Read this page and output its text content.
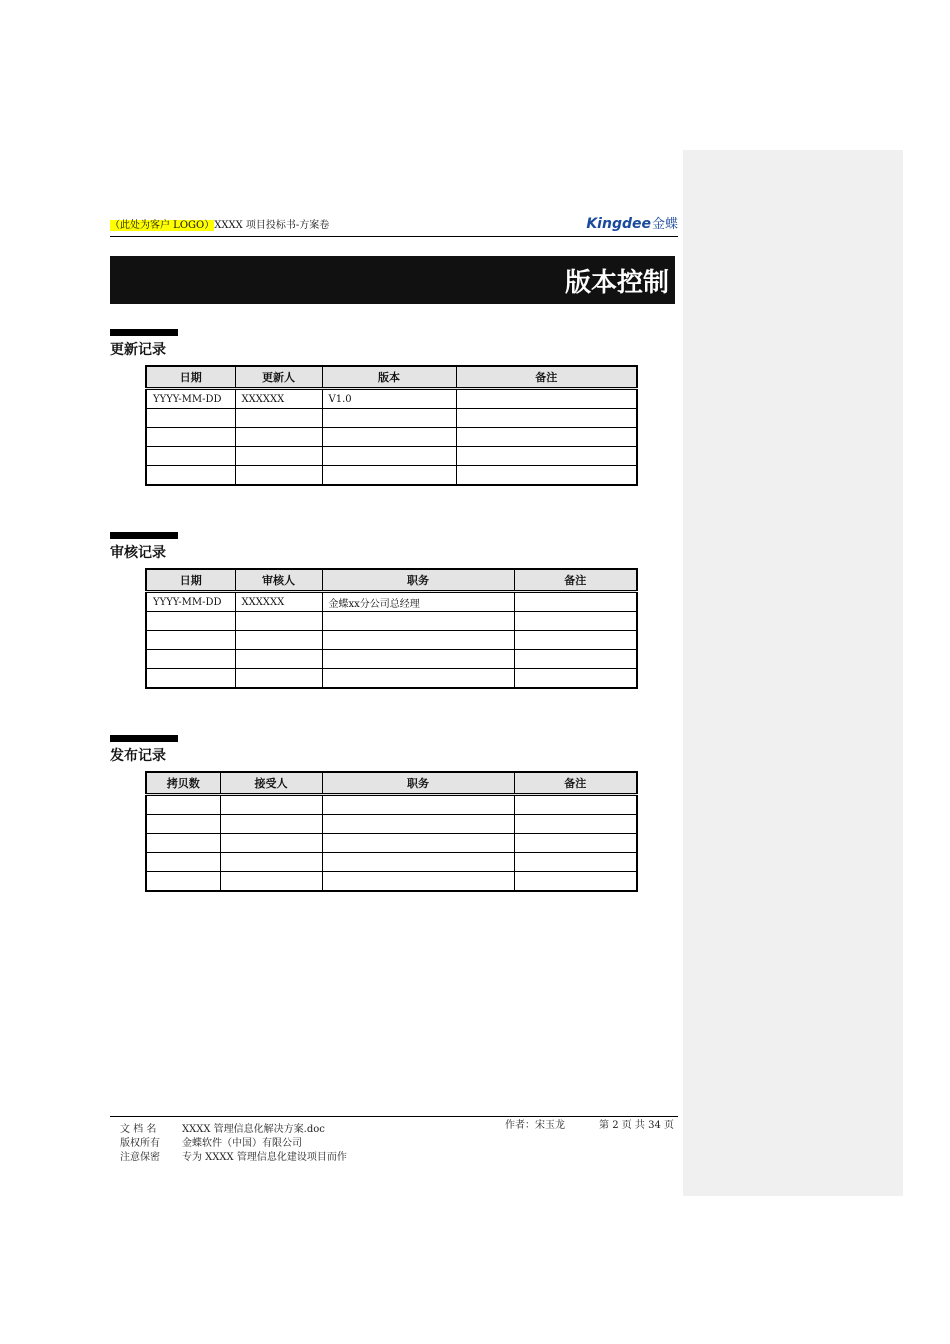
（此处为客户 LOGO）XXXX 项目投标书-方案卷	Kingdee金蝶
版本控制
更新记录
日期	更新人	版本	备注
YYYY-MM-DD	XXXXXX	V1.0	

审核记录
日期	审核人	职务	备注
YYYY-MM-DD	XXXXXX	金蝶xx分公司总经理	

发布记录
拷贝数	接受人	职务	备注

文 档 名	XXXX 管理信息化解决方案.doc
版权所有	金蝶软件（中国）有限公司
注意保密	专为 XXXX 管理信息化建设项目而作
作者：宋玉龙	第 2 页 共 34 页
